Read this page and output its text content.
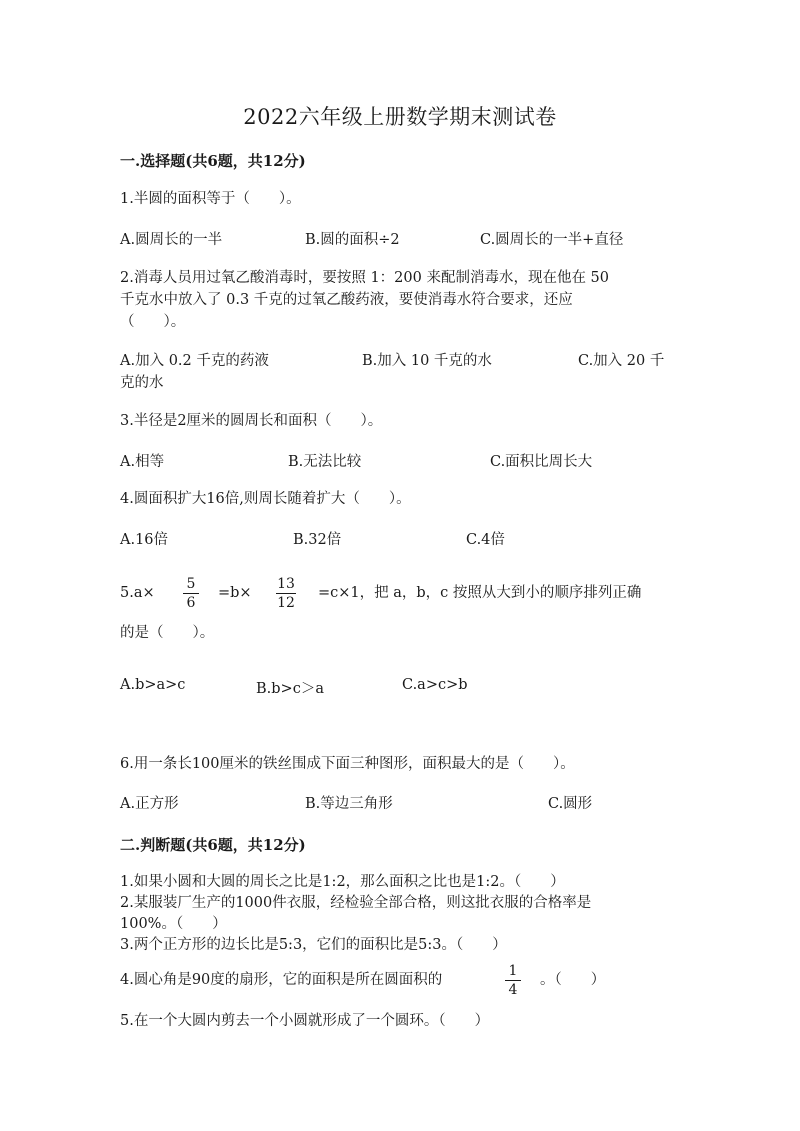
2022六年级上册数学期末测试卷
一.选择题(共6题，共12分)
1.半圆的面积等于（　　）。
A.圆周长的一半	B.圆的面积÷2	C.圆周长的一半+直径
2.消毒人员用过氧乙酸消毒时，要按照 1：200 来配制消毒水，现在他在 50
千克水中放入了 0.3 千克的过氧乙酸药液，要使消毒水符合要求，还应
（　　）。
A.加入 0.2 千克的药液	B.加入 10 千克的水	C.加入 20 千
克的水
3.半径是2厘米的圆周长和面积（　　）。
A.相等	B.无法比较	C.面积比周长大
4.圆面积扩大16倍,则周长随着扩大（　　）。
A.16倍	B.32倍	C.4倍
5.a×
5
6
=b×
13
12
=c×1，把 a，b，c 按照从大到小的顺序排列正确
的是（　　）。
A.b>a>c	B.b>c＞a	C.a>c>b
6.用一条长100厘米的铁丝围成下面三种图形，面积最大的是（　　）。
A.正方形	B.等边三角形	C.圆形
二.判断题(共6题，共12分)
1.如果小圆和大圆的周长之比是1:2，那么面积之比也是1:2。（　　）
2.某服装厂生产的1000件衣服，经检验全部合格，则这批衣服的合格率是
100%。（　　）
3.两个正方形的边长比是5:3，它们的面积比是5:3。（　　）
4.圆心角是90度的扇形，它的面积是所在圆面积的
1
4
。（　　）
5.在一个大圆内剪去一个小圆就形成了一个圆环。（　　）
